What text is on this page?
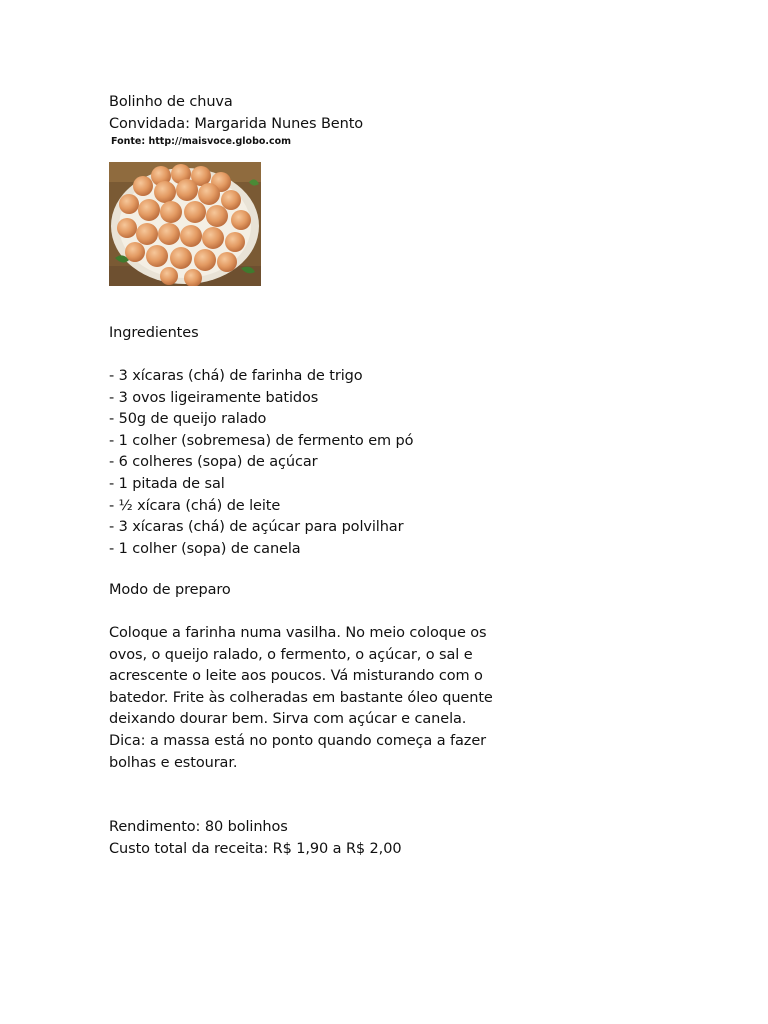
Bolinho de chuva
Convidada: Margarida Nunes Bento
Fonte: http://maisvoce.globo.com
Ingredientes
- 3 xícaras (chá) de farinha de trigo
- 3 ovos ligeiramente batidos
- 50g de queijo ralado
- 1 colher (sobremesa) de fermento em pó
- 6 colheres (sopa) de açúcar
- 1 pitada de sal
- ½ xícara (chá) de leite
- 3 xícaras (chá) de açúcar para polvilhar
- 1 colher (sopa) de canela
Modo de preparo

Coloque a farinha numa vasilha. No meio coloque os

ovos, o queijo ralado, o fermento, o açúcar, o sal e

acrescente o leite aos poucos. Vá misturando com o

batedor. Frite às colheradas em bastante óleo quente

deixando dourar bem. Sirva com açúcar e canela.

Dica: a massa está no ponto quando começa a fazer

bolhas e estourar.

Rendimento: 80 bolinhos
Custo total da receita: R$ 1,90 a R$ 2,00
